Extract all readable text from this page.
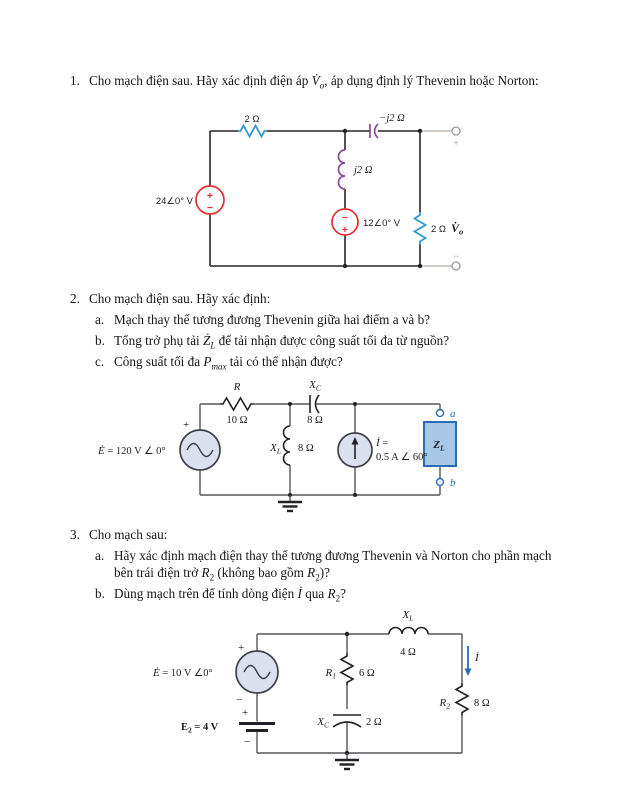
1. Cho mạch điện sau. Hãy xác định điện áp $V̇_o$, áp dụng định lý Thevenin hoặc Norton:
+
−
−
+
+
−
2 Ω	−j2 Ω
j2 Ω
24∠0° V
12∠0° V
2 Ω $V̇_o$
2. Cho mạch điện sau. Hãy xác định:
a. Mạch thay thế tương đương Thevenin giữa hai điểm a và b?
b. Tổng trở phụ tải $Ż_L$ để tải nhận được công suất tối đa từ nguồn?
c. Công suất tối đa $P_{max}$ tải có thể nhận được?
+
$Z_L$
a
b
R
10 Ω
XC
8 Ω
XL 8 Ω
Ė = 120 V ∠ 0°
İ =
0.5 A ∠ 60°
3. Cho mạch sau:
a. Hãy xác định mạch điện thay thế tương đương Thevenin và Norton cho phần mạch bên trái điện trở $R_2$ (không bao gồm $R_2$)?
b. Dùng mạch trên để tính dòng điện İ qua $R_2$?
+
−
+
−
Ė = 10 V ∠0°
E2 = 4 V
XL
4 Ω
R1 6 Ω
XC	2 Ω
R2 8 Ω
İ
